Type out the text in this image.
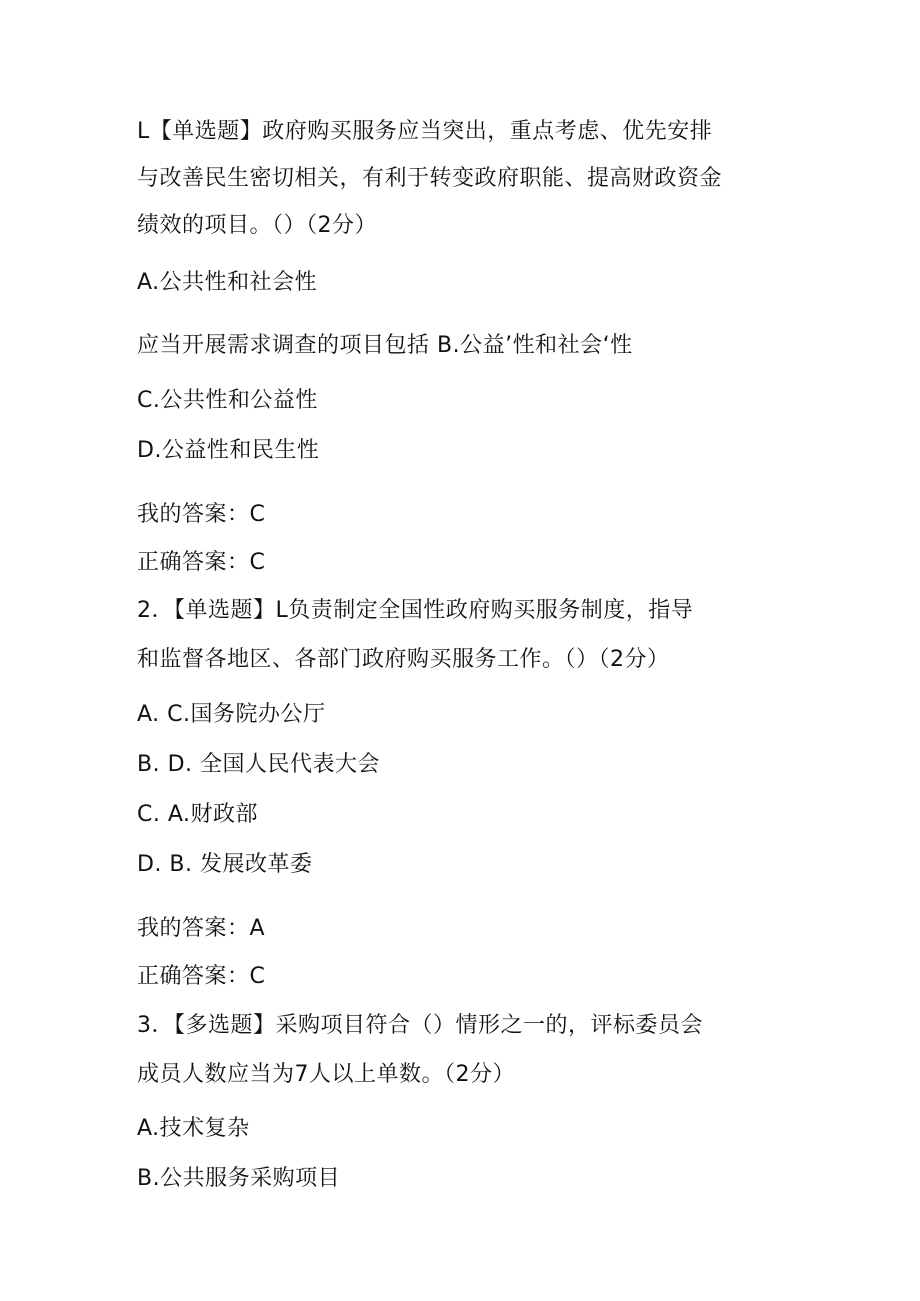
L【单选题】政府购买服务应当突出，重点考虑、优先安排
与改善民生密切相关，有利于转变政府职能、提高财政资金
绩效的项目。（）（2分）
A.公共性和社会性
应当开展需求调查的项目包括 B.公益’性和社会‘性
C.公共性和公益性
D.公益性和民生性
我的答案：C
正确答案：C
2．【单选题】L负责制定全国性政府购买服务制度，指导
和监督各地区、各部门政府购买服务工作。（）（2分）
A. C.国务院办公厅
B. D. 全国人民代表大会
C. A.财政部
D. B. 发展改革委
我的答案：A
正确答案：C
3．【多选题】采购项目符合（）情形之一的，评标委员会
成员人数应当为7人以上单数。（2分）
A.技术复杂
B.公共服务采购项目
